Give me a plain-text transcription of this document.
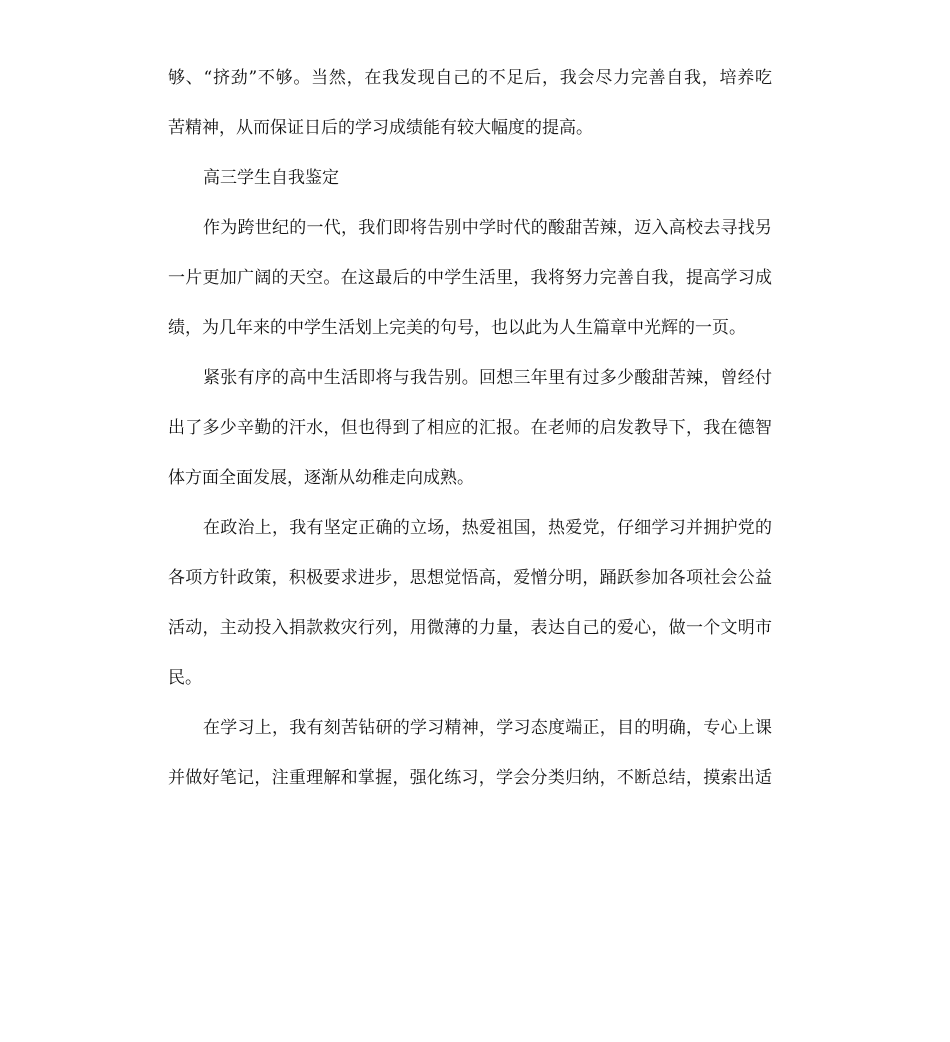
够、“挤劲”不够。当然，在我发现自己的不足后，我会尽力完善自我，培养吃
苦精神，从而保证日后的学习成绩能有较大幅度的提高。
高三学生自我鉴定
作为跨世纪的一代，我们即将告别中学时代的酸甜苦辣，迈入高校去寻找另
一片更加广阔的天空。在这最后的中学生活里，我将努力完善自我，提高学习成
绩，为几年来的中学生活划上完美的句号，也以此为人生篇章中光辉的一页。
紧张有序的高中生活即将与我告别。回想三年里有过多少酸甜苦辣，曾经付
出了多少辛勤的汗水，但也得到了相应的汇报。在老师的启发教导下，我在德智
体方面全面发展，逐渐从幼稚走向成熟。
在政治上，我有坚定正确的立场，热爱祖国，热爱党，仔细学习并拥护党的
各项方针政策，积极要求进步，思想觉悟高，爱憎分明，踊跃参加各项社会公益
活动，主动投入捐款救灾行列，用微薄的力量，表达自己的爱心，做一个文明市
民。
在学习上，我有刻苦钻研的学习精神，学习态度端正，目的明确，专心上课
并做好笔记，注重理解和掌握，强化练习，学会分类归纳，不断总结，摸索出适
